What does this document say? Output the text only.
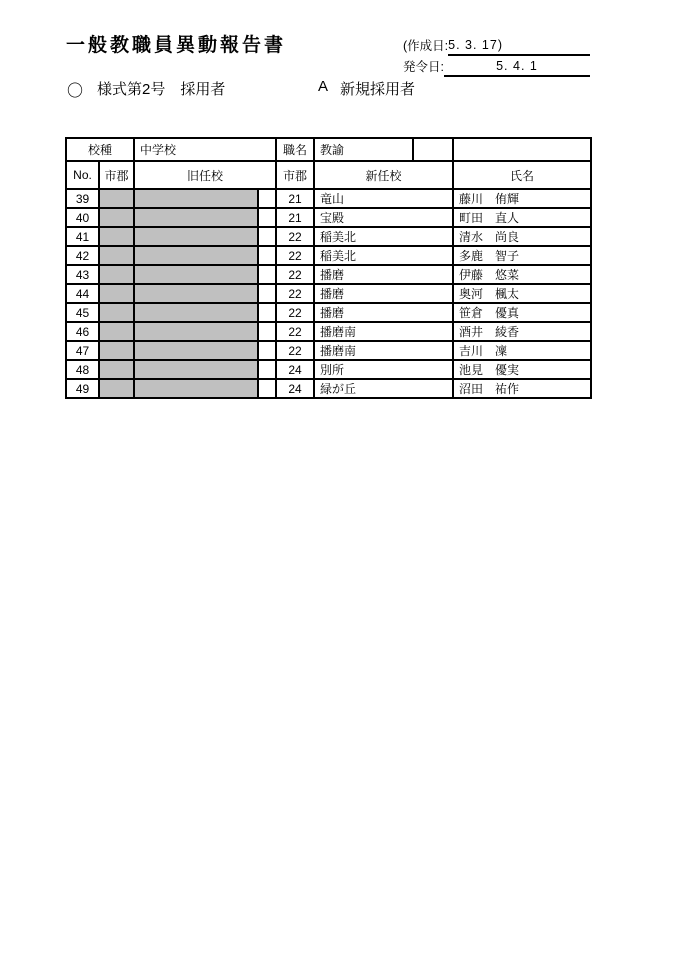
一般教職員異動報告書	(作成日: 5. 3. 17)
発令日:	5. 4. 1
〇 様式第2号　採用者	A 新規採用者
校種		中学校		職名	教諭		
No.	市郡	旧任校		市郡	新任校		氏名
39				21	竜山		藤川　侑輝
40				21	宝殿		町田　直人
41				22	稲美北		清水　尚良
42				22	稲美北		多鹿　智子
43				22	播磨		伊藤　悠菜
44				22	播磨		奥河　楓太
45				22	播磨		笹倉　優真
46				22	播磨南		酒井　綾香
47				22	播磨南		吉川　凜
48				24	別所		池見　優実
49				24	緑が丘		沼田　祐作
